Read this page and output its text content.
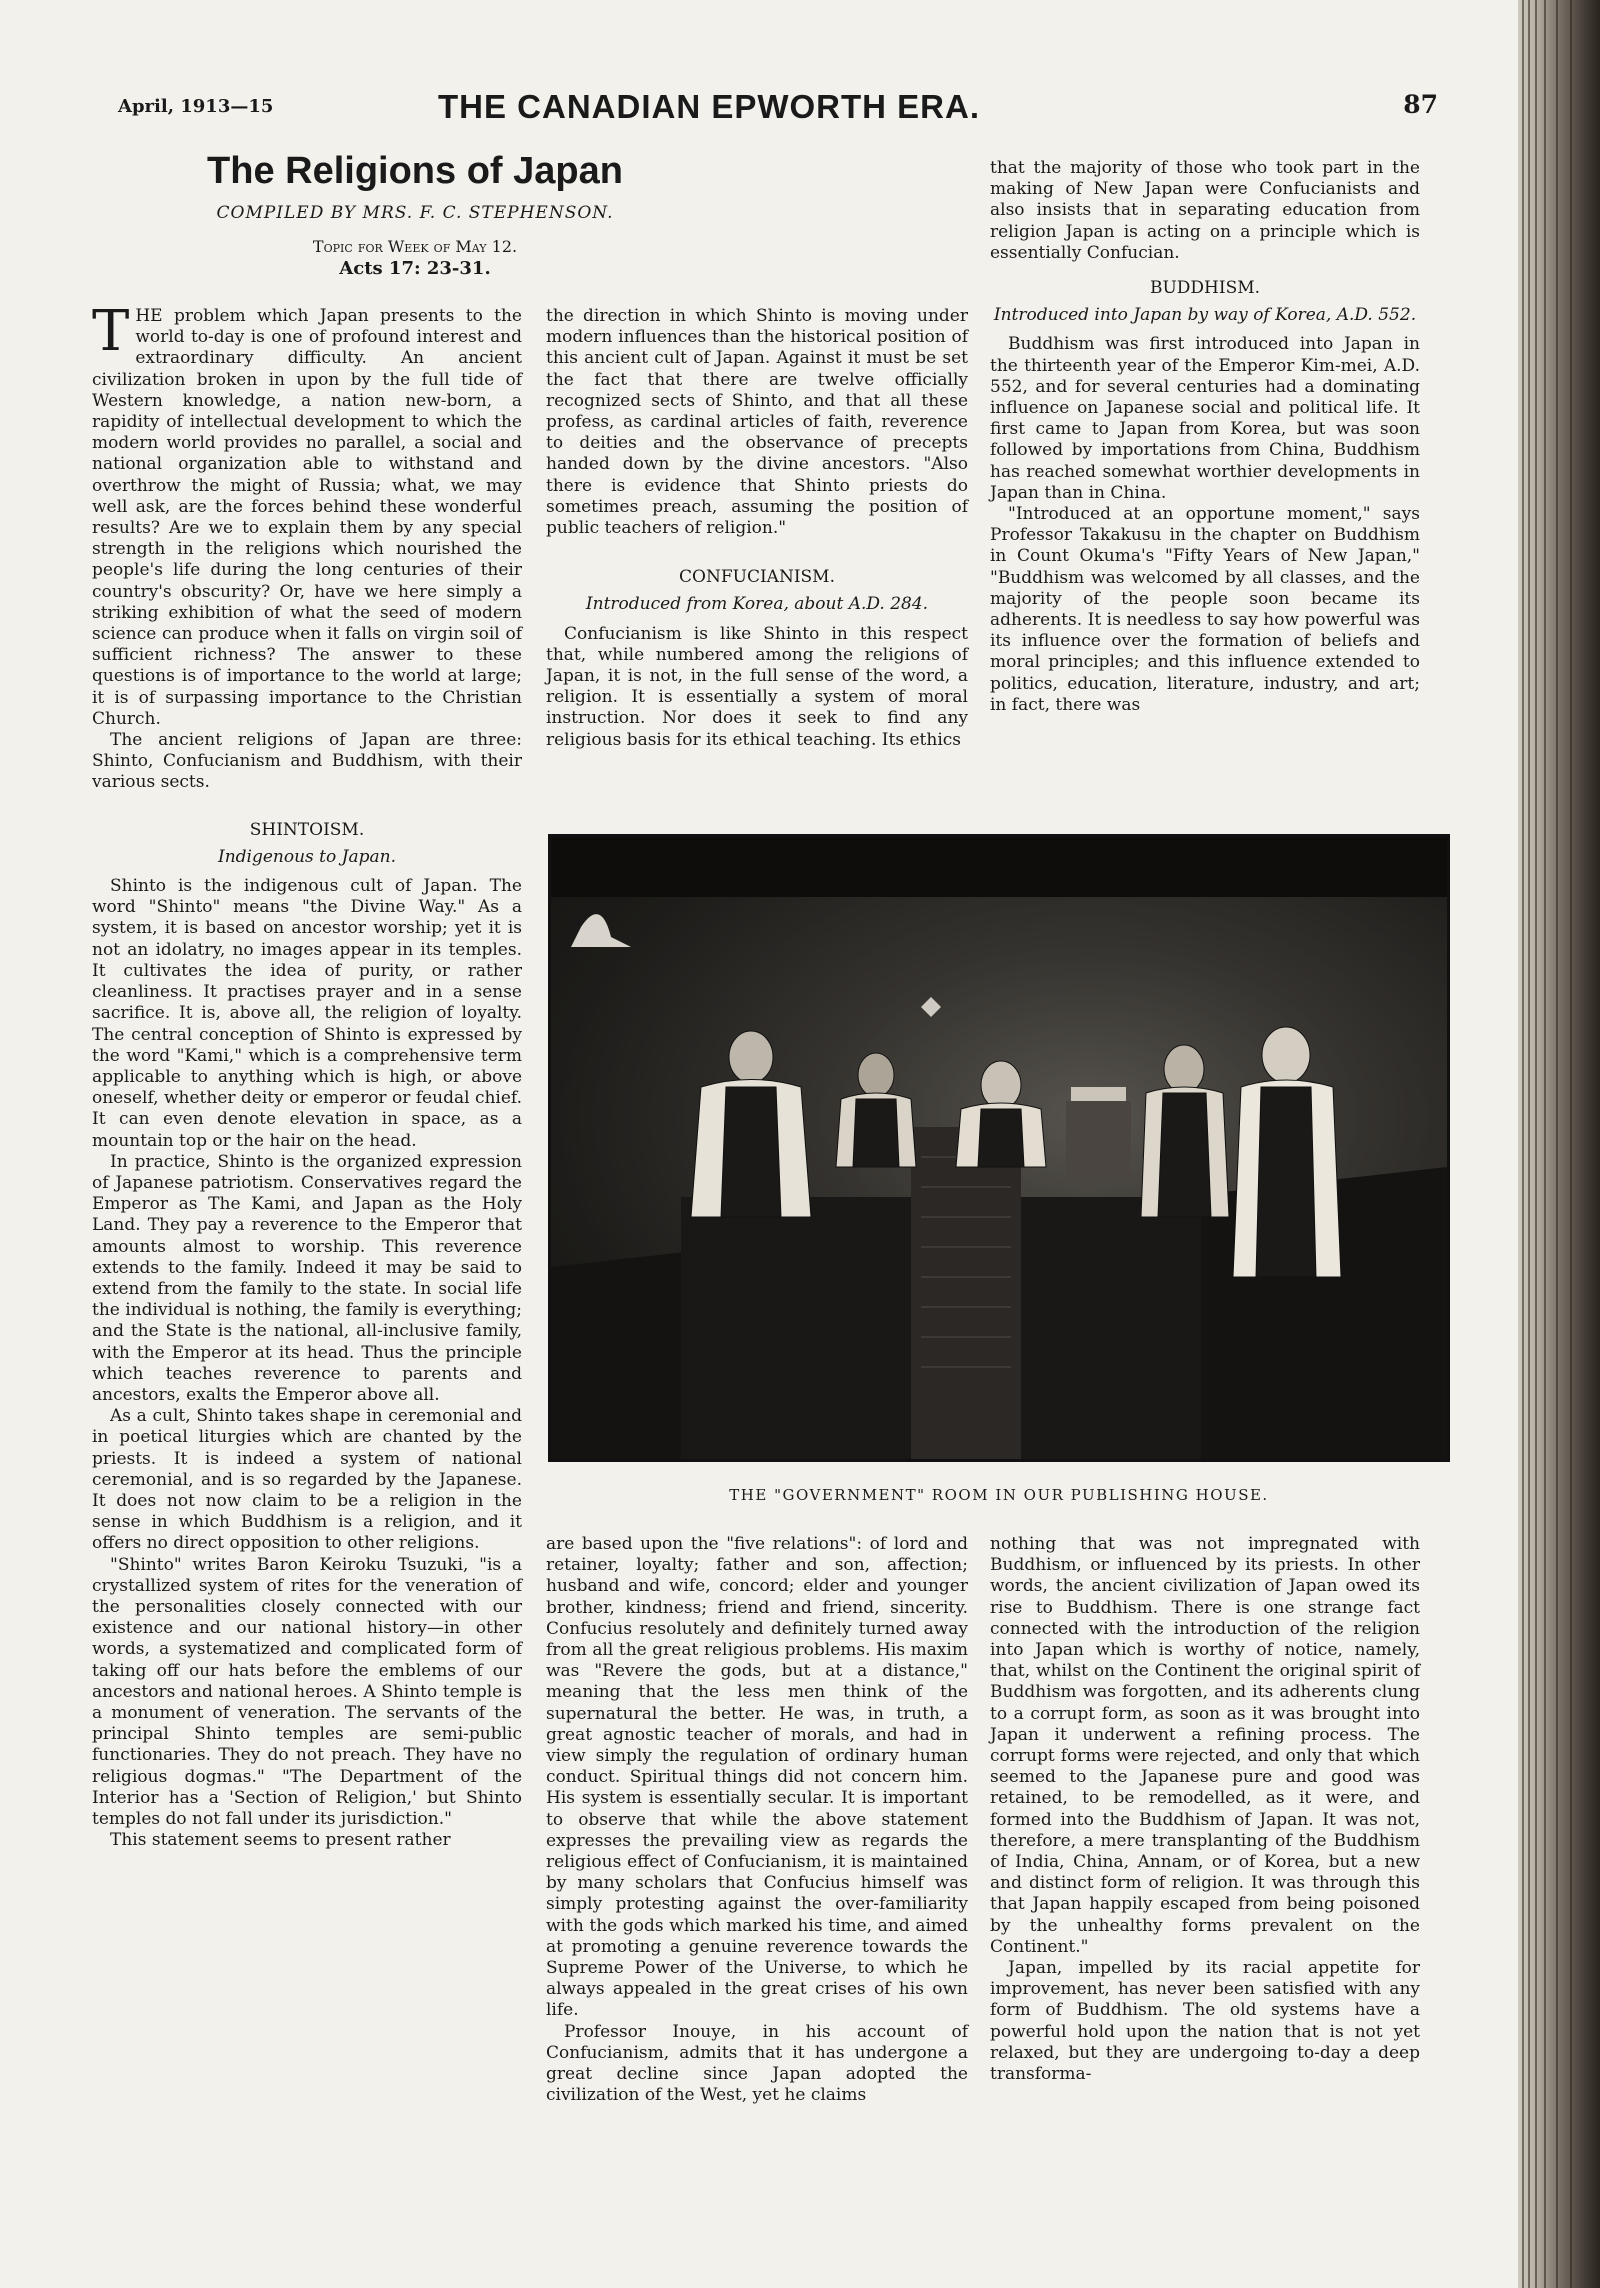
April, 1913—15	THE CANADIAN EPWORTH ERA.	87
The Religions of Japan
COMPILED BY MRS. F. C. STEPHENSON.
Topic for Week of May 12.
Acts 17: 23-31.

THE problem which Japan presents to the world to-day is one of profound interest and extraordinary difficulty. An ancient civilization broken in upon by the full tide of Western knowledge, a nation new-born, a rapidity of intellectual development to which the modern world provides no parallel, a social and national organization able to withstand and overthrow the might of Russia; what, we may well ask, are the forces behind these wonderful results? Are we to explain them by any special strength in the religions which nourished the people's life during the long centuries of their country's obscurity? Or, have we here simply a striking exhibition of what the seed of modern science can produce when it falls on virgin soil of sufficient richness? The answer to these questions is of importance to the world at large; it is of surpassing importance to the Christian Church.

The ancient religions of Japan are three: Shinto, Confucianism and Buddhism, with their various sects.

SHINTOISM.
Indigenous to Japan.

Shinto is the indigenous cult of Japan. The word "Shinto" means "the Divine Way." As a system, it is based on ancestor worship; yet it is not an idolatry, no images appear in its temples. It cultivates the idea of purity, or rather cleanliness. It practises prayer and in a sense sacrifice. It is, above all, the religion of loyalty. The central conception of Shinto is expressed by the word "Kami," which is a comprehensive term applicable to anything which is high, or above oneself, whether deity or emperor or feudal chief. It can even denote elevation in space, as a mountain top or the hair on the head.

In practice, Shinto is the organized expression of Japanese patriotism. Conservatives regard the Emperor as The Kami, and Japan as the Holy Land. They pay a reverence to the Emperor that amounts almost to worship. This reverence extends to the family. Indeed it may be said to extend from the family to the state. In social life the individual is nothing, the family is everything; and the State is the national, all-inclusive family, with the Emperor at its head. Thus the principle which teaches reverence to parents and ancestors, exalts the Emperor above all.

As a cult, Shinto takes shape in ceremonial and in poetical liturgies which are chanted by the priests. It is indeed a system of national ceremonial, and is so regarded by the Japanese. It does not now claim to be a religion in the sense in which Buddhism is a religion, and it offers no direct opposition to other religions.

"Shinto" writes Baron Keiroku Tsuzuki, "is a crystallized system of rites for the veneration of the personalities closely connected with our existence and our national history—in other words, a systematized and complicated form of taking off our hats before the emblems of our ancestors and national heroes. A Shinto temple is a monument of veneration. The servants of the principal Shinto temples are semi-public functionaries. They do not preach. They have no religious dogmas." "The Department of the Interior has a 'Section of Religion,' but Shinto temples do not fall under its jurisdiction."

This statement seems to present rather

the direction in which Shinto is moving under modern influences than the historical position of this ancient cult of Japan. Against it must be set the fact that there are twelve officially recognized sects of Shinto, and that all these profess, as cardinal articles of faith, reverence to deities and the observance of precepts handed down by the divine ancestors. "Also there is evidence that Shinto priests do sometimes preach, assuming the position of public teachers of religion."

CONFUCIANISM.
Introduced from Korea, about A.D. 284.

Confucianism is like Shinto in this respect that, while numbered among the religions of Japan, it is not, in the full sense of the word, a religion. It is essentially a system of moral instruction. Nor does it seek to find any religious basis for its ethical teaching. Its ethics

that the majority of those who took part in the making of New Japan were Confucianists and also insists that in separating education from religion Japan is acting on a principle which is essentially Confucian.

BUDDHISM.
Introduced into Japan by way of Korea, A.D. 552.

Buddhism was first introduced into Japan in the thirteenth year of the Emperor Kim-mei, A.D. 552, and for several centuries had a dominating influence on Japanese social and political life. It first came to Japan from Korea, but was soon followed by importations from China, Buddhism has reached somewhat worthier developments in Japan than in China.

"Introduced at an opportune moment," says Professor Takakusu in the chapter on Buddhism in Count Okuma's "Fifty Years of New Japan," "Buddhism was welcomed by all classes, and the majority of the people soon became its adherents. It is needless to say how powerful was its influence over the formation of beliefs and moral principles; and this influence extended to politics, education, literature, industry, and art; in fact, there was

THE "GOVERNMENT" ROOM IN OUR PUBLISHING HOUSE.

are based upon the "five relations": of lord and retainer, loyalty; father and son, affection; husband and wife, concord; elder and younger brother, kindness; friend and friend, sincerity. Confucius resolutely and definitely turned away from all the great religious problems. His maxim was "Revere the gods, but at a distance," meaning that the less men think of the supernatural the better. He was, in truth, a great agnostic teacher of morals, and had in view simply the regulation of ordinary human conduct. Spiritual things did not concern him. His system is essentially secular. It is important to observe that while the above statement expresses the prevailing view as regards the religious effect of Confucianism, it is maintained by many scholars that Confucius himself was simply protesting against the over-familiarity with the gods which marked his time, and aimed at promoting a genuine reverence towards the Supreme Power of the Universe, to which he always appealed in the great crises of his own life.

Professor Inouye, in his account of Confucianism, admits that it has undergone a great decline since Japan adopted the civilization of the West, yet he claims

nothing that was not impregnated with Buddhism, or influenced by its priests. In other words, the ancient civilization of Japan owed its rise to Buddhism. There is one strange fact connected with the introduction of the religion into Japan which is worthy of notice, namely, that, whilst on the Continent the original spirit of Buddhism was forgotten, and its adherents clung to a corrupt form, as soon as it was brought into Japan it underwent a refining process. The corrupt forms were rejected, and only that which seemed to the Japanese pure and good was retained, to be remodelled, as it were, and formed into the Buddhism of Japan. It was not, therefore, a mere transplanting of the Buddhism of India, China, Annam, or of Korea, but a new and distinct form of religion. It was through this that Japan happily escaped from being poisoned by the unhealthy forms prevalent on the Continent."

Japan, impelled by its racial appetite for improvement, has never been satisfied with any form of Buddhism. The old systems have a powerful hold upon the nation that is not yet relaxed, but they are undergoing to-day a deep transforma-
